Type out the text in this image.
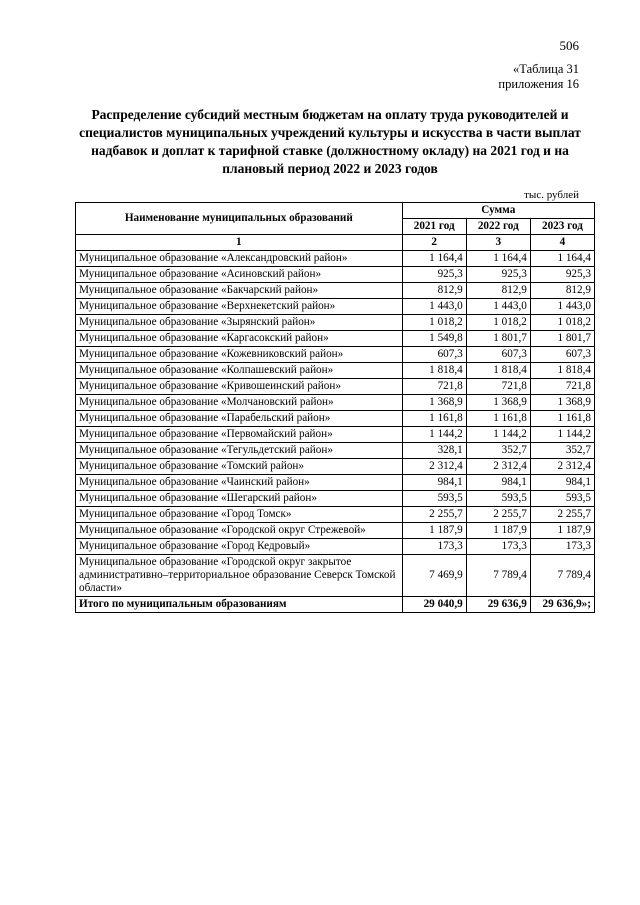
506
«Таблица 31
приложения 16
Распределение субсидий местным бюджетам на оплату труда руководителей и специалистов муниципальных учреждений культуры и искусства в части выплат надбавок и доплат к тарифной ставке (должностному окладу) на 2021 год и на плановый период 2022 и 2023 годов
тыс. рублей
Наименование муниципальных образований	Сумма		
	2021 год	2022 год	2023 год
1	2	3	4
Муниципальное образование «Александровский район»	1 164,4	1 164,4	1 164,4
Муниципальное образование «Асиновский район»	925,3	925,3	925,3
Муниципальное образование «Бакчарский район»	812,9	812,9	812,9
Муниципальное образование «Верхнекетский район»	1 443,0	1 443,0	1 443,0
Муниципальное образование «Зырянский район»	1 018,2	1 018,2	1 018,2
Муниципальное образование «Каргасокский район»	1 549,8	1 801,7	1 801,7
Муниципальное образование «Кожевниковский район»	607,3	607,3	607,3
Муниципальное образование «Колпашевский район»	1 818,4	1 818,4	1 818,4
Муниципальное образование «Кривошеинский район»	721,8	721,8	721,8
Муниципальное образование «Молчановский район»	1 368,9	1 368,9	1 368,9
Муниципальное образование «Парабельский район»	1 161,8	1 161,8	1 161,8
Муниципальное образование «Первомайский район»	1 144,2	1 144,2	1 144,2
Муниципальное образование «Тегульдетский район»	328,1	352,7	352,7
Муниципальное образование «Томский район»	2 312,4	2 312,4	2 312,4
Муниципальное образование «Чаинский район»	984,1	984,1	984,1
Муниципальное образование «Шегарский район»	593,5	593,5	593,5
Муниципальное образование «Город Томск»	2 255,7	2 255,7	2 255,7
Муниципальное образование «Городской округ Стрежевой»	1 187,9	1 187,9	1 187,9
Муниципальное образование «Город Кедровый»	173,3	173,3	173,3
Муниципальное образование «Городской округ закрытое административно–территориальное образование Северск Томской области»	7 469,9	7 789,4	7 789,4
Итого по муниципальным образованиям	29 040,9	29 636,9	29 636,9»;
